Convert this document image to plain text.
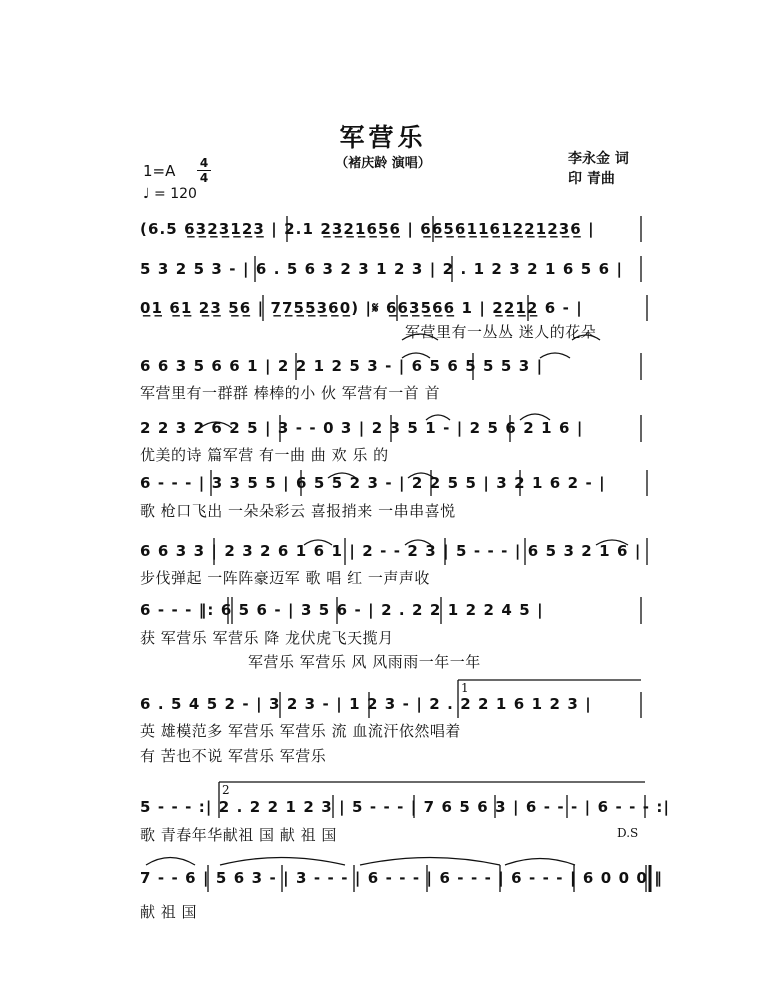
军营乐
（褚庆龄 演唱）	李永金 词
印 青曲
1=A 4
4
♩ = 120
(6.5 6̲3̲2̲3̲1̲2̲3̲ | 2.1 2̲3̲2̲1̲6̲5̲6̲ | 6̲6̲5̲6̲1̲1̲6̲1̲2̲2̲1̲2̲3̲6̲ |
5 3 2 5 3 - | 6 . 5 6 3 2 3 1 2 3 | 2 . 1 2 3 2 1 6 5 6 |
0̲1̲ 6̲1̲ 2̲3̲ 5̲6̲ | 7̲7̲5̲5̲3̲6̲0̲) |𝄋 6̲6̲3̲5̲6̲6̲ 1 | 2̲2̲1̲2̲ 6 - |
军营里有一丛丛 迷人的花朵
6 6 3 5 6 6 1 | 2 2 1 2 5 3 - | 6 5 6 5 5 5 3 |
军营里有一群群 棒棒的小 伙 军营有一首 首
2 2 3 2 6 2 5 | 3 - - 0 3 | 2 3 5 1 - | 2 5 6 2 1 6 |
优美的诗 篇军营 有一曲 曲 欢 乐 的
6 - - - | 3 3 5 5 | 6 5 5 2 3 - | 2 2 5 5 | 3 2 1 6 2 - |
歌 枪口飞出 一朵朵彩云 喜报捎来 一串串喜悦
6 6 3 3 | 2 3 2 6 1 6 1 | 2 - - 2 3 | 5 - - - | 6 5 3 2 1 6 |
步伐弹起 一阵阵豪迈军 歌 唱 红 一声声收
6 - - - ‖: 6 5 6 - | 3 5 6 - | 2 . 2 2 1 2 2 4 5 |
获 军营乐 军营乐 降 龙伏虎飞天揽月
军营乐 军营乐 风 风雨雨一年一年
6 . 5 4 5 2 - | 3 2 3 - | 1 2 3 - | 2 . 2 2 1 6 1 2 3 |
英 雄模范多 军营乐 军营乐 流 血流汗依然唱着
有 苦也不说 军营乐 军营乐
1
5 - - - :| 2 . 2 2 1 2 3 | 5 - - - | 7 6 5 6 3 | 6 - - - | 6 - - - :|
歌 青春年华献祖 国 献 祖 国	D.S
2
7 - - 6 | 5 6 3 - | 3 - - - | 6 - - - | 6 - - - | 6 - - - | 6 0 0 0 ‖
献 祖 国
